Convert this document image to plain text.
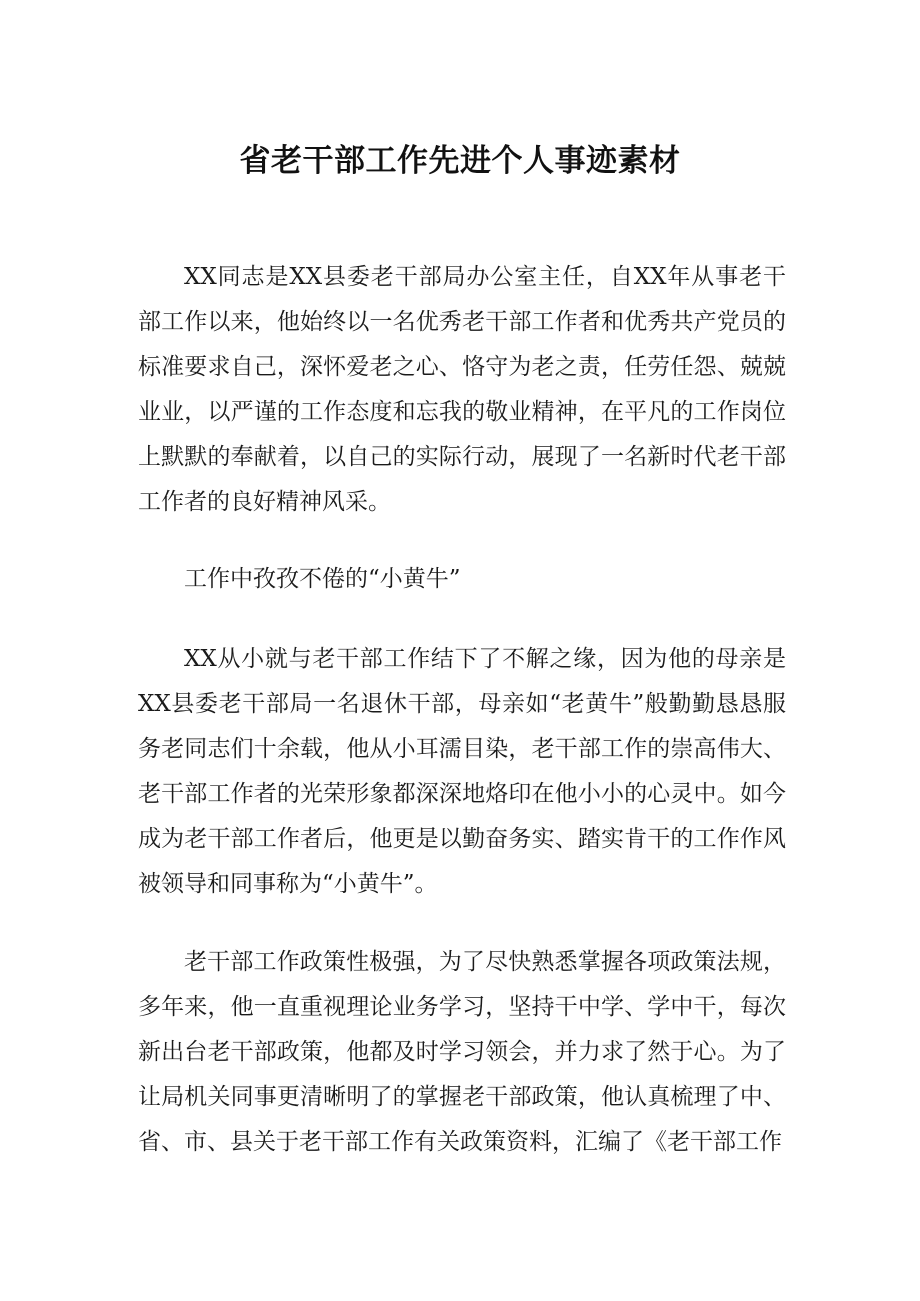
省老干部工作先进个人事迹素材

XX同志是XX县委老干部局办公室主任，自XX年从事老干部工作以来，他始终以一名优秀老干部工作者和优秀共产党员的标准要求自己，深怀爱老之心、恪守为老之责，任劳任怨、兢兢业业，以严谨的工作态度和忘我的敬业精神，在平凡的工作岗位上默默的奉献着，以自己的实际行动，展现了一名新时代老干部工作者的良好精神风采。

工作中孜孜不倦的“小黄牛”

XX从小就与老干部工作结下了不解之缘，因为他的母亲是XX县委老干部局一名退休干部，母亲如“老黄牛”般勤勤恳恳服务老同志们十余载，他从小耳濡目染，老干部工作的崇高伟大、老干部工作者的光荣形象都深深地烙印在他小小的心灵中。如今成为老干部工作者后，他更是以勤奋务实、踏实肯干的工作作风被领导和同事称为“小黄牛”。

老干部工作政策性极强，为了尽快熟悉掌握各项政策法规，多年来，他一直重视理论业务学习，坚持干中学、学中干，每次新出台老干部政策，他都及时学习领会，并力求了然于心。为了让局机关同事更清晰明了的掌握老干部政策，他认真梳理了中、省、市、县关于老干部工作有关政策资料，汇编了《老干部工作
